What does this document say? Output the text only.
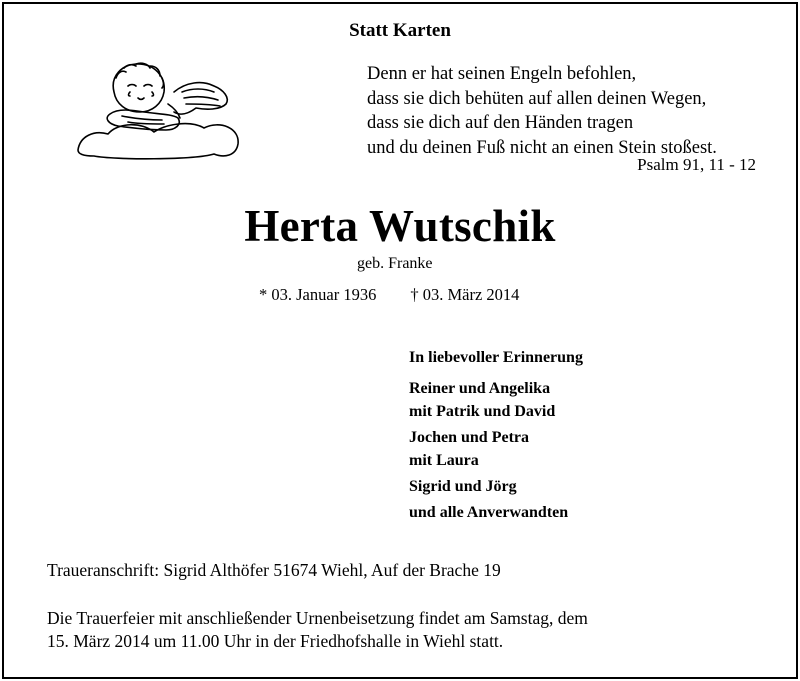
Statt Karten
Denn er hat seinen Engeln befohlen,
dass sie dich behüten auf allen deinen Wegen,
dass sie dich auf den Händen tragen
und du deinen Fuß nicht an einen Stein stoßest.
Psalm 91, 11 - 12
Herta Wutschik
geb. Franke
* 03. Januar 1936 † 03. März 2014
In liebevoller Erinnerung
Reiner und Angelika
mit Patrik und David
Jochen und Petra
mit Laura
Sigrid und Jörg
und alle Anverwandten
Traueranschrift: Sigrid Althöfer 51674 Wiehl, Auf der Brache 19
Die Trauerfeier mit anschließender Urnenbeisetzung findet am Samstag, dem
15. März 2014 um 11.00 Uhr in der Friedhofshalle in Wiehl statt.
